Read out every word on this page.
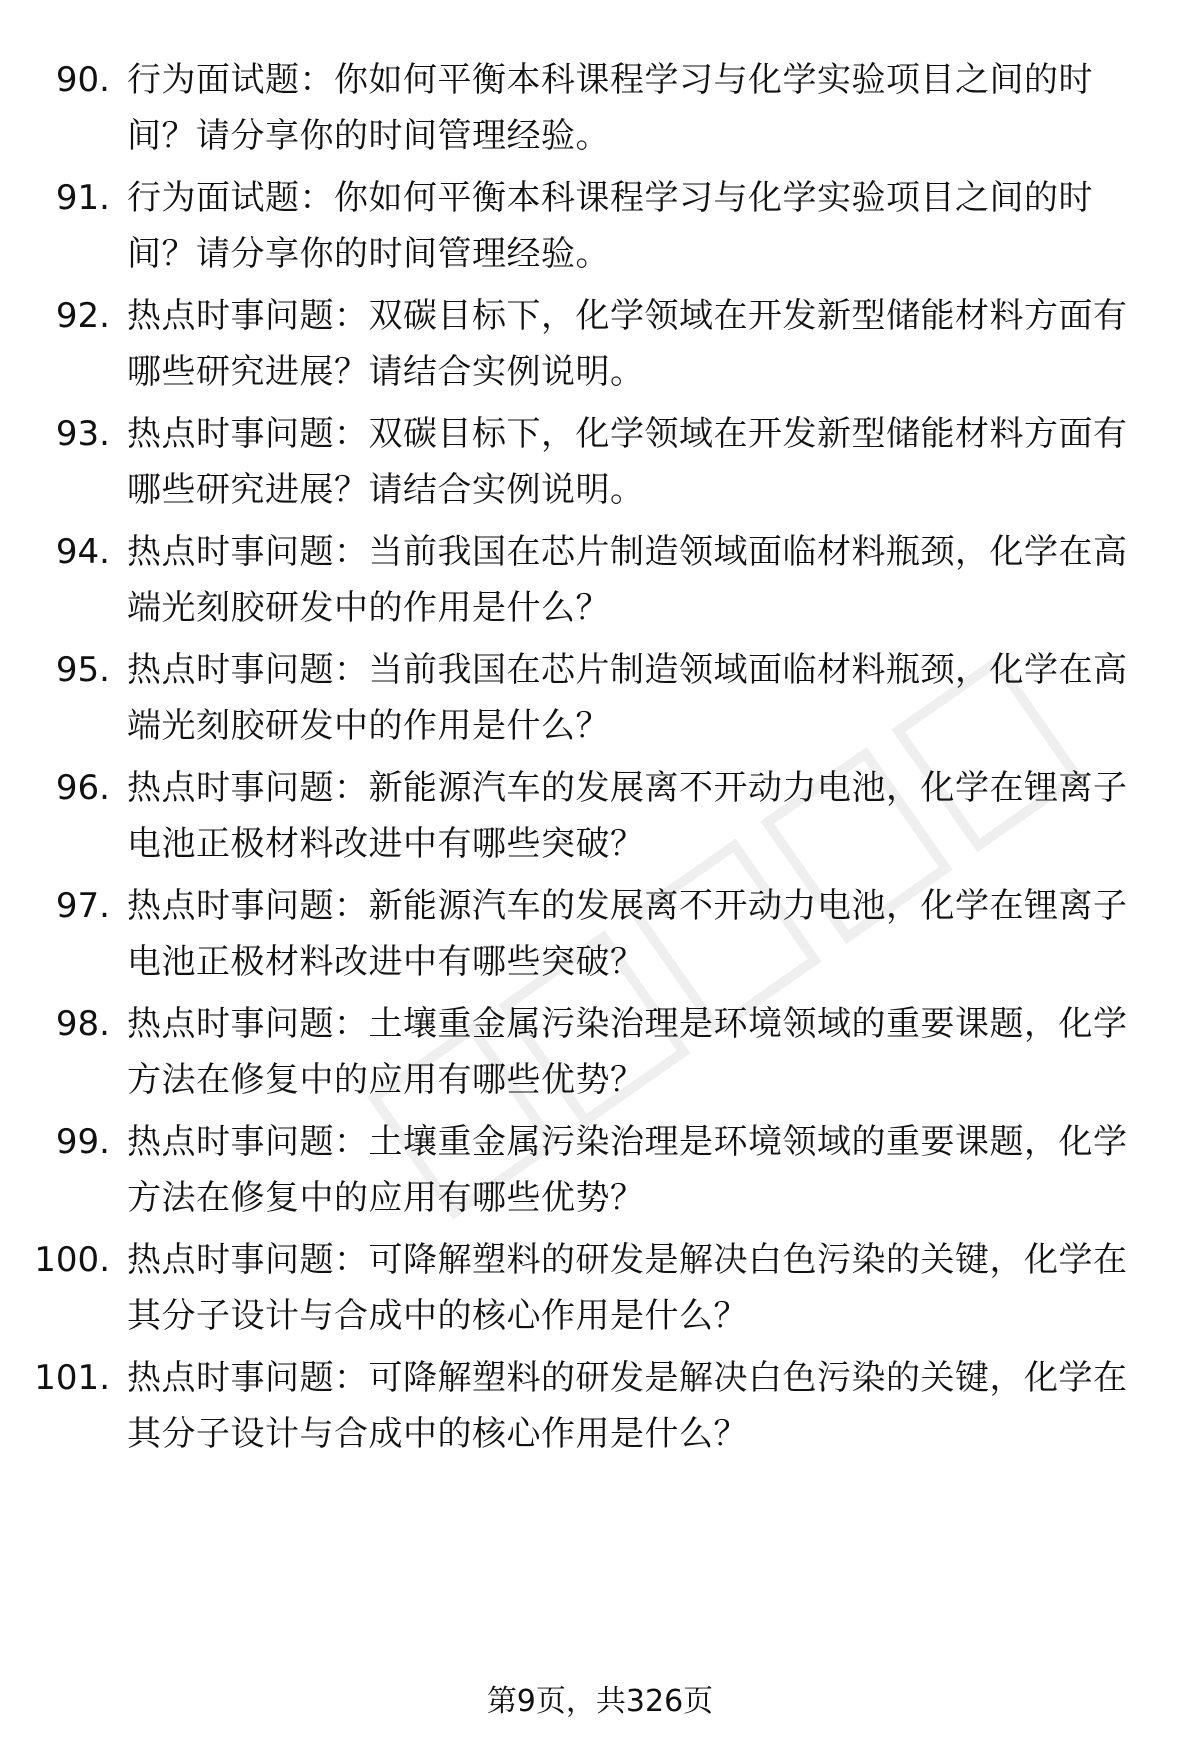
90. 行为面试题：你如何平衡本科课程学习与化学实验项目之间的时间？请分享你的时间管理经验。
91. 行为面试题：你如何平衡本科课程学习与化学实验项目之间的时间？请分享你的时间管理经验。
92. 热点时事问题：双碳目标下，化学领域在开发新型储能材料方面有哪些研究进展？请结合实例说明。
93. 热点时事问题：双碳目标下，化学领域在开发新型储能材料方面有哪些研究进展？请结合实例说明。
94. 热点时事问题：当前我国在芯片制造领域面临材料瓶颈，化学在高端光刻胶研发中的作用是什么？
95. 热点时事问题：当前我国在芯片制造领域面临材料瓶颈，化学在高端光刻胶研发中的作用是什么？
96. 热点时事问题：新能源汽车的发展离不开动力电池，化学在锂离子电池正极材料改进中有哪些突破？
97. 热点时事问题：新能源汽车的发展离不开动力电池，化学在锂离子电池正极材料改进中有哪些突破？
98. 热点时事问题：土壤重金属污染治理是环境领域的重要课题，化学方法在修复中的应用有哪些优势？
99. 热点时事问题：土壤重金属污染治理是环境领域的重要课题，化学方法在修复中的应用有哪些优势？
100. 热点时事问题：可降解塑料的研发是解决白色污染的关键，化学在其分子设计与合成中的核心作用是什么？
101. 热点时事问题：可降解塑料的研发是解决白色污染的关键，化学在其分子设计与合成中的核心作用是什么？
第9页，共326页
